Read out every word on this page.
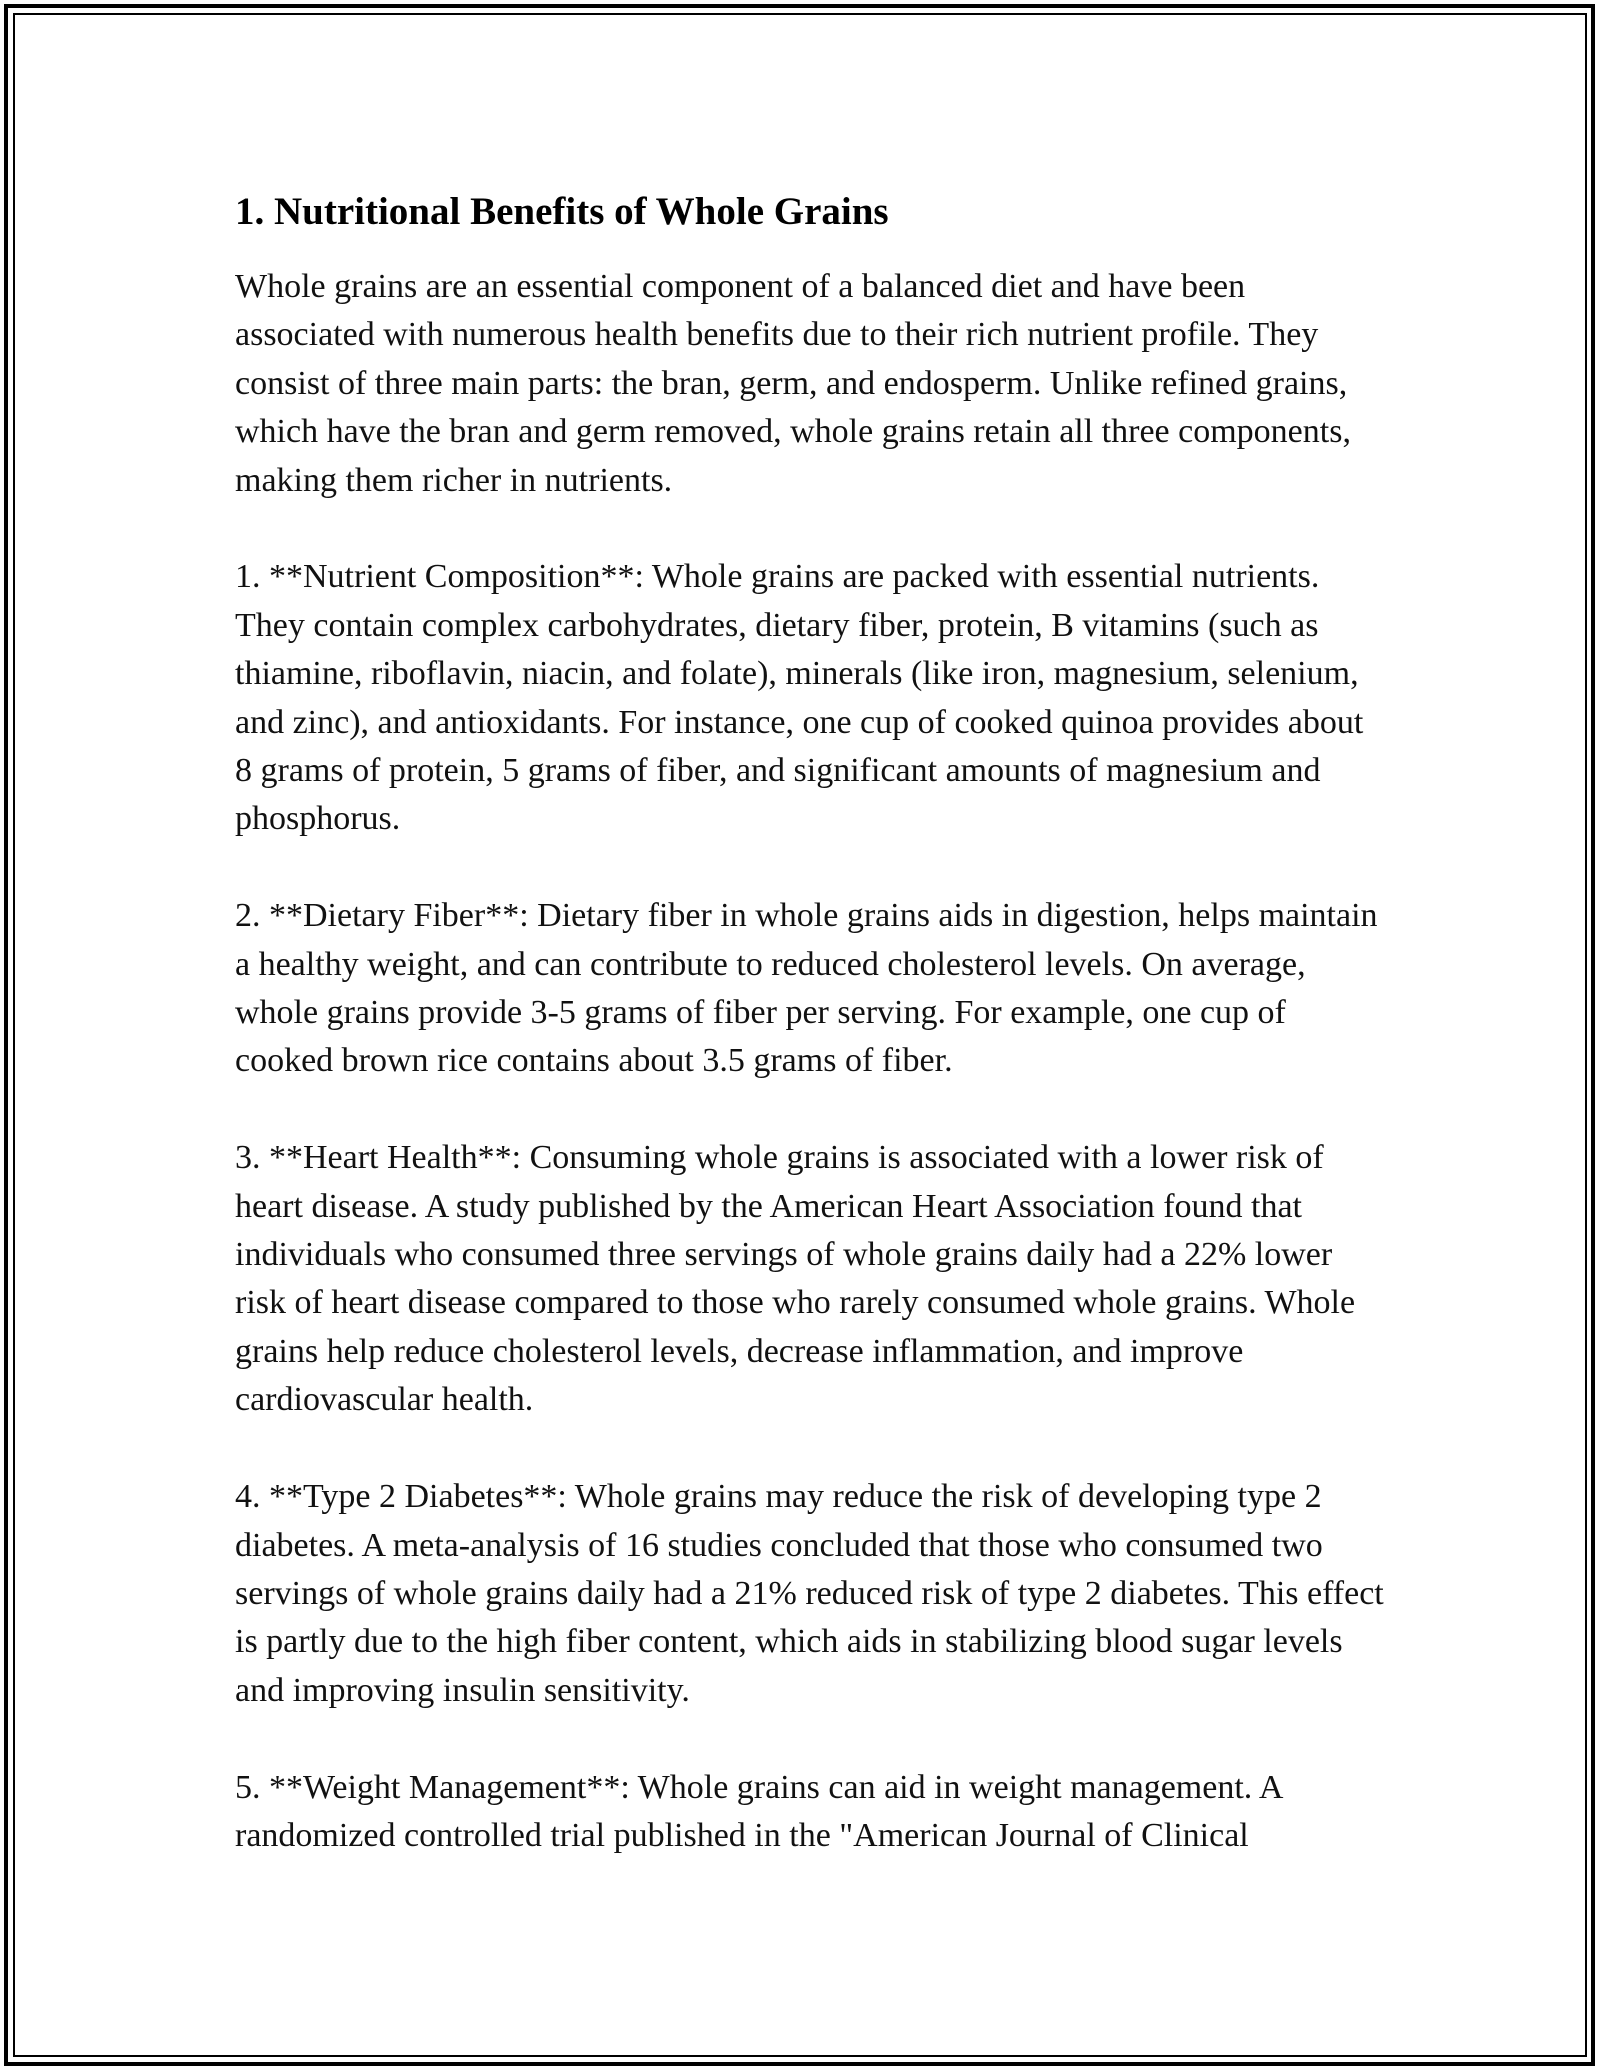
1. Nutritional Benefits of Whole Grains

Whole grains are an essential component of a balanced diet and have been associated with numerous health benefits due to their rich nutrient profile. They consist of three main parts: the bran, germ, and endosperm. Unlike refined grains, which have the bran and germ removed, whole grains retain all three components, making them richer in nutrients.

1. **Nutrient Composition**: Whole grains are packed with essential nutrients. They contain complex carbohydrates, dietary fiber, protein, B vitamins (such as thiamine, riboflavin, niacin, and folate), minerals (like iron, magnesium, selenium, and zinc), and antioxidants. For instance, one cup of cooked quinoa provides about 8 grams of protein, 5 grams of fiber, and significant amounts of magnesium and phosphorus.

2. **Dietary Fiber**: Dietary fiber in whole grains aids in digestion, helps maintain a healthy weight, and can contribute to reduced cholesterol levels. On average, whole grains provide 3-5 grams of fiber per serving. For example, one cup of cooked brown rice contains about 3.5 grams of fiber.

3. **Heart Health**: Consuming whole grains is associated with a lower risk of heart disease. A study published by the American Heart Association found that individuals who consumed three servings of whole grains daily had a 22% lower risk of heart disease compared to those who rarely consumed whole grains. Whole grains help reduce cholesterol levels, decrease inflammation, and improve cardiovascular health.

4. **Type 2 Diabetes**: Whole grains may reduce the risk of developing type 2 diabetes. A meta-analysis of 16 studies concluded that those who consumed two servings of whole grains daily had a 21% reduced risk of type 2 diabetes. This effect is partly due to the high fiber content, which aids in stabilizing blood sugar levels and improving insulin sensitivity.

5. **Weight Management**: Whole grains can aid in weight management. A randomized controlled trial published in the "American Journal of Clinical
